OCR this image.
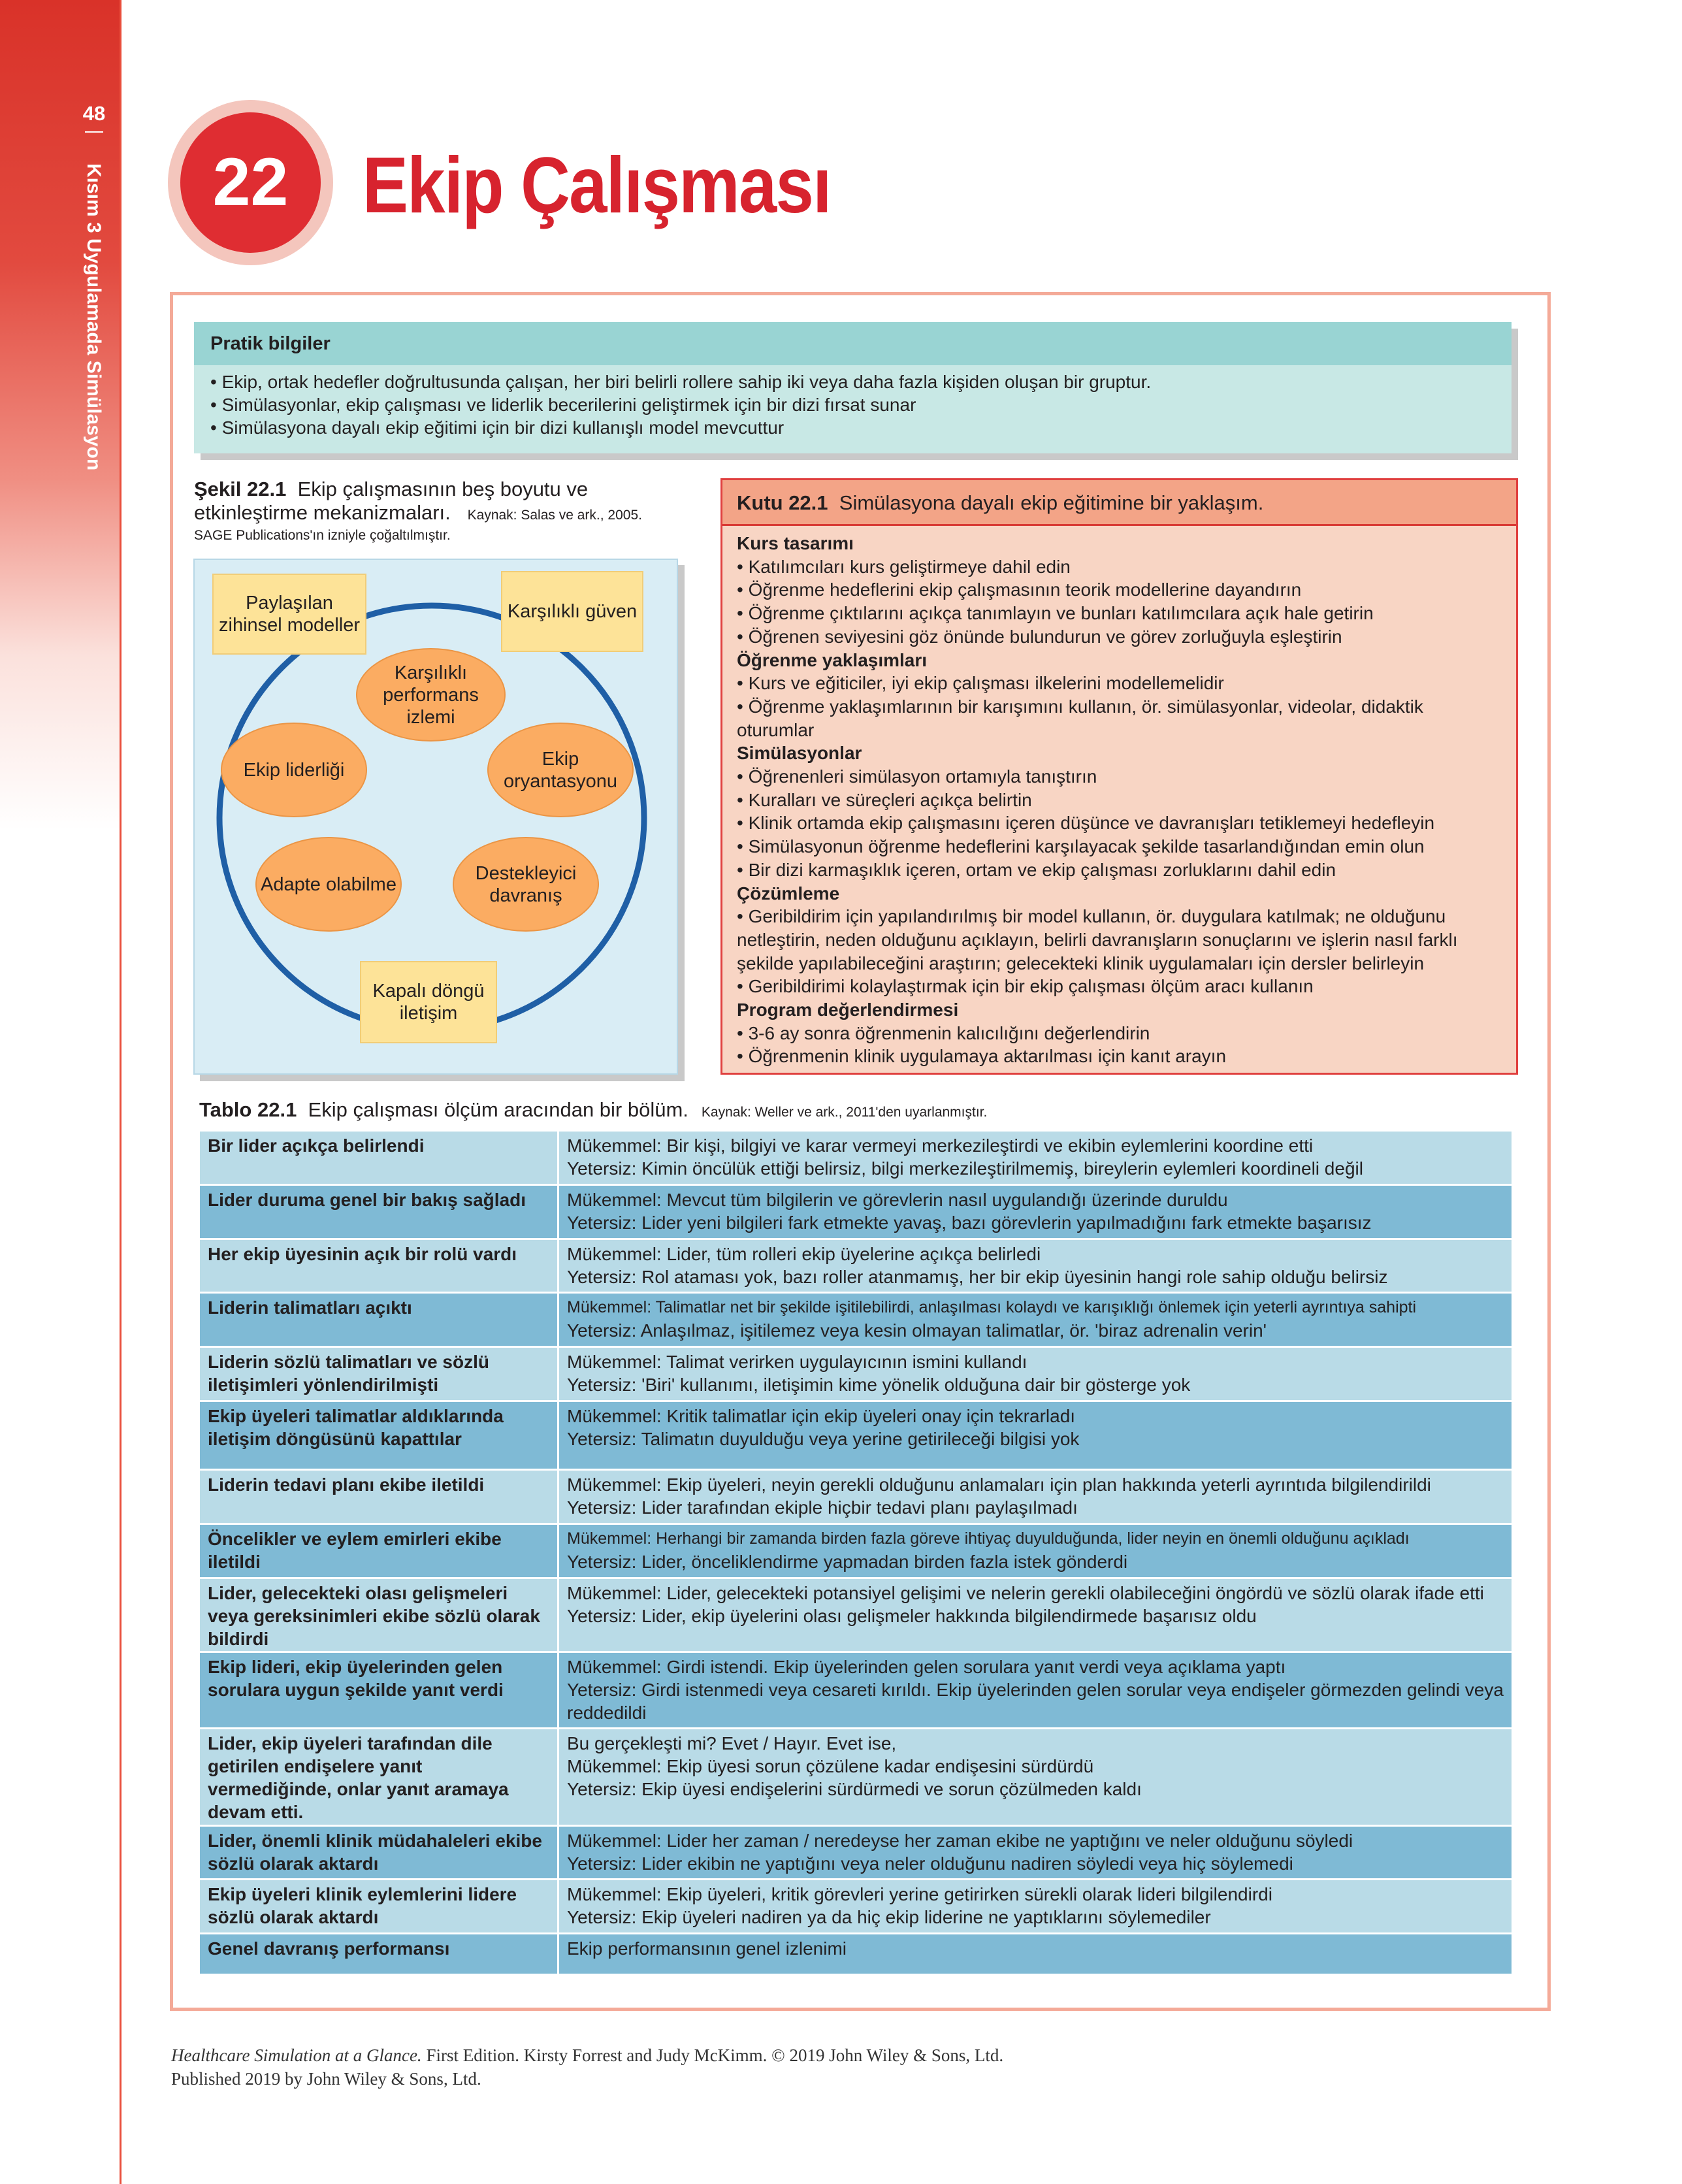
48
Kısım 3 Uygulamada Simülasyon	22 Ekip Çalışması
Pratik bilgiler
• Ekip, ortak hedefler doğrultusunda çalışan, her biri belirli rollere sahip iki veya daha fazla kişiden oluşan bir gruptur.
• Simülasyonlar, ekip çalışması ve liderlik becerilerini geliştirmek için bir dizi fırsat sunar
• Simülasyona dayalı ekip eğitimi için bir dizi kullanışlı model mevcuttur
Şekil 22.1 Ekip çalışmasının beş boyutu ve
etkinleştirme mekanizmaları. Kaynak: Salas ve ark., 2005.
SAGE Publications'ın izniyle çoğaltılmıştır.
Paylaşılan zihinsel modeller
Karşılıklı güven
Karşılıklı performans izlemi
Ekip liderliği
Ekip oryantasyonu
Adapte olabilme
Destekleyici davranış
Kapalı döngü iletişim
Kutu 22.1 Simülasyona dayalı ekip eğitimine bir yaklaşım.
Kurs tasarımı
• Katılımcıları kurs geliştirmeye dahil edin
• Öğrenme hedeflerini ekip çalışmasının teorik modellerine dayandırın
• Öğrenme çıktılarını açıkça tanımlayın ve bunları katılımcılara açık hale getirin
• Öğrenen seviyesini göz önünde bulundurun ve görev zorluğuyla eşleştirin
Öğrenme yaklaşımları
• Kurs ve eğiticiler, iyi ekip çalışması ilkelerini modellemelidir
• Öğrenme yaklaşımlarının bir karışımını kullanın, ör. simülasyonlar, videolar, didaktik oturumlar
Simülasyonlar
• Öğrenenleri simülasyon ortamıyla tanıştırın
• Kuralları ve süreçleri açıkça belirtin
• Klinik ortamda ekip çalışmasını içeren düşünce ve davranışları tetiklemeyi hedefleyin
• Simülasyonun öğrenme hedeflerini karşılayacak şekilde tasarlandığından emin olun
• Bir dizi karmaşıklık içeren, ortam ve ekip çalışması zorluklarını dahil edin
Çözümleme
• Geribildirim için yapılandırılmış bir model kullanın, ör. duygulara katılmak; ne olduğunu
netleştirin, neden olduğunu açıklayın, belirli davranışların sonuçlarını ve işlerin nasıl farklı
şekilde yapılabileceğini araştırın; gelecekteki klinik uygulamaları için dersler belirleyin
• Geribildirimi kolaylaştırmak için bir ekip çalışması ölçüm aracı kullanın
Program değerlendirmesi
• 3-6 ay sonra öğrenmenin kalıcılığını değerlendirin
• Öğrenmenin klinik uygulamaya aktarılması için kanıt arayın
Tablo 22.1 Ekip çalışması ölçüm aracından bir bölüm. Kaynak: Weller ve ark., 2011'den uyarlanmıştır.
Bir lider açıkça belirlendi	Mükemmel: Bir kişi, bilgiyi ve karar vermeyi merkezileştirdi ve ekibin eylemlerini koordine etti
Yetersiz: Kimin öncülük ettiği belirsiz, bilgi merkezileştirilmemiş, bireylerin eylemleri koordineli değil

Lider duruma genel bir bakış sağladı	Mükemmel: Mevcut tüm bilgilerin ve görevlerin nasıl uygulandığı üzerinde duruldu
Yetersiz: Lider yeni bilgileri fark etmekte yavaş, bazı görevlerin yapılmadığını fark etmekte başarısız

Her ekip üyesinin açık bir rolü vardı	Mükemmel: Lider, tüm rolleri ekip üyelerine açıkça belirledi
Yetersiz: Rol ataması yok, bazı roller atanmamış, her bir ekip üyesinin hangi role sahip olduğu belirsiz

Liderin talimatları açıktı	Mükemmel: Talimatlar net bir şekilde işitilebilirdi, anlaşılması kolaydı ve karışıklığı önlemek için yeterli ayrıntıya sahipti
Yetersiz: Anlaşılmaz, işitilemez veya kesin olmayan talimatlar, ör. 'biraz adrenalin verin'

Liderin sözlü talimatları ve sözlü iletişimleri yönlendirilmişti	Mükemmel: Talimat verirken uygulayıcının ismini kullandı
Yetersiz: 'Biri' kullanımı, iletişimin kime yönelik olduğuna dair bir gösterge yok

Ekip üyeleri talimatlar aldıklarında iletişim döngüsünü kapattılar	Mükemmel: Kritik talimatlar için ekip üyeleri onay için tekrarladı
Yetersiz: Talimatın duyulduğu veya yerine getirileceği bilgisi yok

Liderin tedavi planı ekibe iletildi	Mükemmel: Ekip üyeleri, neyin gerekli olduğunu anlamaları için plan hakkında yeterli ayrıntıda bilgilendirildi
Yetersiz: Lider tarafından ekiple hiçbir tedavi planı paylaşılmadı

Öncelikler ve eylem emirleri ekibe iletildi	Mükemmel: Herhangi bir zamanda birden fazla göreve ihtiyaç duyulduğunda, lider neyin en önemli olduğunu açıkladı
Yetersiz: Lider, önceliklendirme yapmadan birden fazla istek gönderdi

Lider, gelecekteki olası gelişmeleri veya gereksinimleri ekibe sözlü olarak bildirdi	Mükemmel: Lider, gelecekteki potansiyel gelişimi ve nelerin gerekli olabileceğini öngördü ve sözlü olarak ifade etti
Yetersiz: Lider, ekip üyelerini olası gelişmeler hakkında bilgilendirmede başarısız oldu

Ekip lideri, ekip üyelerinden gelen sorulara uygun şekilde yanıt verdi	Mükemmel: Girdi istendi. Ekip üyelerinden gelen sorulara yanıt verdi veya açıklama yaptı
Yetersiz: Girdi istenmedi veya cesareti kırıldı. Ekip üyelerinden gelen sorular veya endişeler görmezden gelindi veya reddedildi

Lider, ekip üyeleri tarafından dile getirilen endişelere yanıt vermediğinde, onlar yanıt aramaya devam etti.	Bu gerçekleşti mi? Evet / Hayır. Evet ise,
Mükemmel: Ekip üyesi sorun çözülene kadar endişesini sürdürdü
Yetersiz: Ekip üyesi endişelerini sürdürmedi ve sorun çözülmeden kaldı

Lider, önemli klinik müdahaleleri ekibe sözlü olarak aktardı	Mükemmel: Lider her zaman / neredeyse her zaman ekibe ne yaptığını ve neler olduğunu söyledi
Yetersiz: Lider ekibin ne yaptığını veya neler olduğunu nadiren söyledi veya hiç söylemedi

Ekip üyeleri klinik eylemlerini lidere sözlü olarak aktardı	Mükemmel: Ekip üyeleri, kritik görevleri yerine getirirken sürekli olarak lideri bilgilendirdi
Yetersiz: Ekip üyeleri nadiren ya da hiç ekip liderine ne yaptıklarını söylemediler

Genel davranış performansı	Ekip performansının genel izlenimi
Healthcare Simulation at a Glance. First Edition. Kirsty Forrest and Judy McKimm. © 2019 John Wiley & Sons, Ltd.
Published 2019 by John Wiley & Sons, Ltd.
